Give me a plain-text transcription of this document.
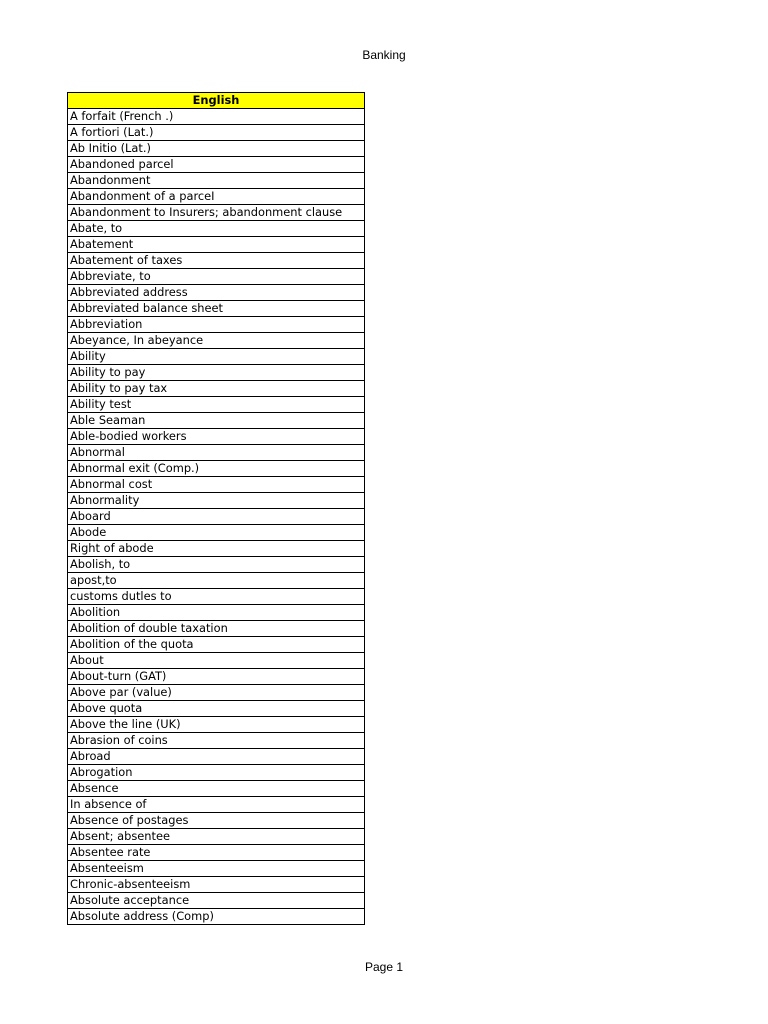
Banking
English
A forfait (French .)
A fortiori (Lat.)
Ab Initio (Lat.)
Abandoned parcel
Abandonment
Abandonment of a parceI
Abandonment to Insurers; abandonment clause
Abate, to
Abatement
Abatement of taxes
Abbreviate, to
Abbreviated address
Abbreviated balance sheet
Abbreviation
Abeyance, In abeyance
Ability
Ability to pay
Ability to pay tax
Ability test
Able Seaman
Able-bodied workers
Abnormal
Abnormal exit (Comp.)
Abnormal cost
Abnormality
Aboard
Abode
Right of abode
Abolish, to
apost,to
customs dutles to
Abolition
Abolition of double taxation
Abolition of the quota
About
About-turn (GAT)
Above par (value)
Above quota
Above the line (UK)
Abrasion of coins
Abroad
Abrogation
Absence
In absence of
Absence of postages
Absent; absentee
Absentee rate
Absenteeism
Chronic-absenteeism
Absolute acceptance
Absolute address (Comp)
Page 1
